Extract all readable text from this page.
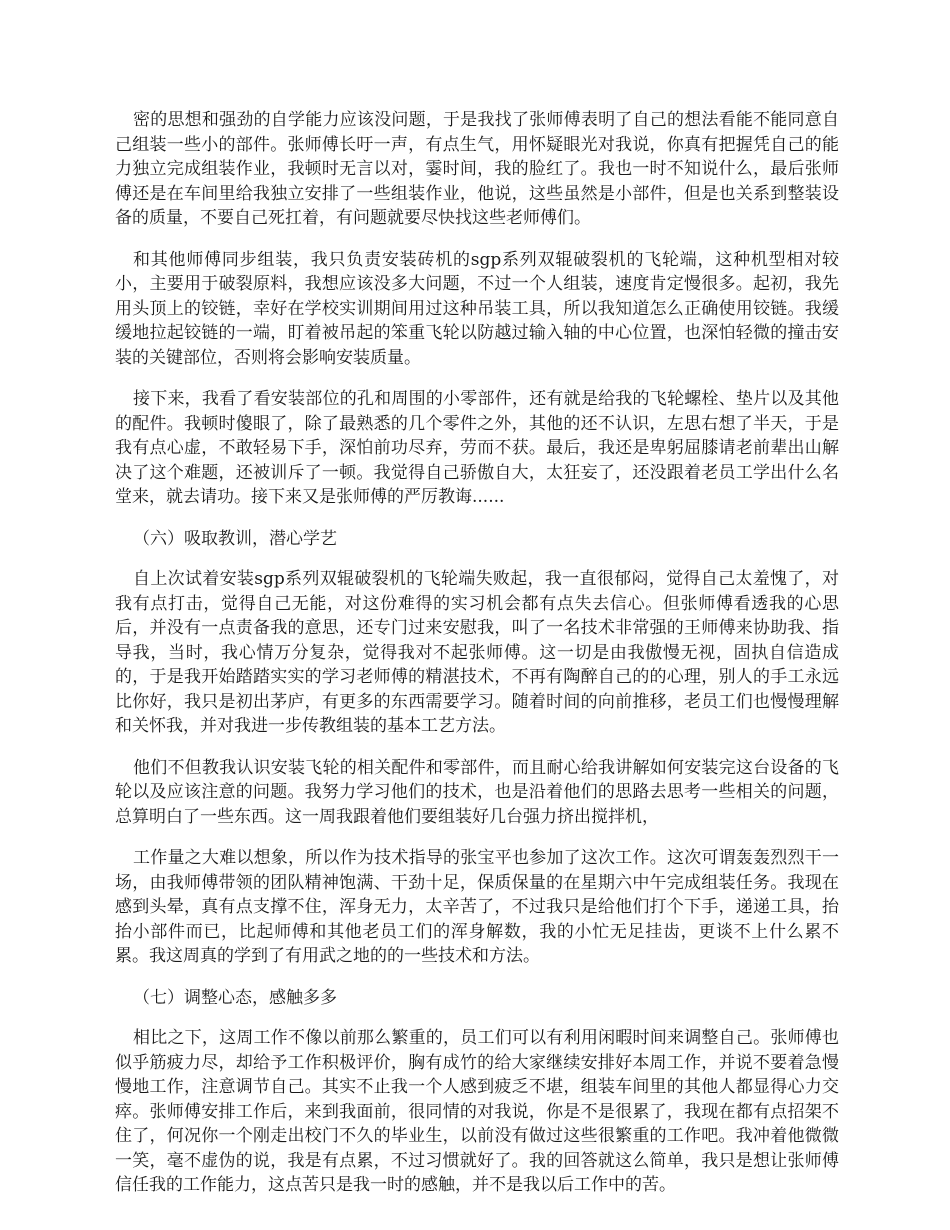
密的思想和强劲的自学能力应该没问题，于是我找了张师傅表明了自己的想法看能不能同意自己组装一些小的部件。张师傅长吁一声，有点生气，用怀疑眼光对我说，你真有把握凭自己的能力独立完成组装作业，我顿时无言以对，霎时间，我的脸红了。我也一时不知说什么，最后张师傅还是在车间里给我独立安排了一些组装作业，他说，这些虽然是小部件，但是也关系到整装设备的质量，不要自己死扛着，有问题就要尽快找这些老师傅们。

和其他师傅同步组装，我只负责安装砖机的sgp系列双辊破裂机的飞轮端，这种机型相对较小，主要用于破裂原料，我想应该没多大问题，不过一个人组装，速度肯定慢很多。起初，我先用头顶上的铰链，幸好在学校实训期间用过这种吊装工具，所以我知道怎么正确使用铰链。我缓缓地拉起铰链的一端，盯着被吊起的笨重飞轮以防越过输入轴的中心位置，也深怕轻微的撞击安装的关键部位，否则将会影响安装质量。

接下来，我看了看安装部位的孔和周围的小零部件，还有就是给我的飞轮螺栓、垫片以及其他的配件。我顿时傻眼了，除了最熟悉的几个零件之外，其他的还不认识，左思右想了半天，于是我有点心虚，不敢轻易下手，深怕前功尽弃，劳而不获。最后，我还是卑躬屈膝请老前辈出山解决了这个难题，还被训斥了一顿。我觉得自己骄傲自大，太狂妄了，还没跟着老员工学出什么名堂来，就去请功。接下来又是张师傅的严厉教诲......

（六）吸取教训，潜心学艺

自上次试着安装sgp系列双辊破裂机的飞轮端失败起，我一直很郁闷，觉得自己太羞愧了，对我有点打击，觉得自己无能，对这份难得的实习机会都有点失去信心。但张师傅看透我的心思后，并没有一点责备我的意思，还专门过来安慰我，叫了一名技术非常强的王师傅来协助我、指导我，当时，我心情万分复杂，觉得我对不起张师傅。这一切是由我傲慢无视，固执自信造成的，于是我开始踏踏实实的学习老师傅的精湛技术，不再有陶醉自己的的心理，别人的手工永远比你好，我只是初出茅庐，有更多的东西需要学习。随着时间的向前推移，老员工们也慢慢理解和关怀我，并对我进一步传教组装的基本工艺方法。

他们不但教我认识安装飞轮的相关配件和零部件，而且耐心给我讲解如何安装完这台设备的飞轮以及应该注意的问题。我努力学习他们的技术，也是沿着他们的思路去思考一些相关的问题，总算明白了一些东西。这一周我跟着他们要组装好几台强力挤出搅拌机，

工作量之大难以想象，所以作为技术指导的张宝平也参加了这次工作。这次可谓轰轰烈烈干一场，由我师傅带领的团队精神饱满、干劲十足，保质保量的在星期六中午完成组装任务。我现在感到头晕，真有点支撑不住，浑身无力，太辛苦了，不过我只是给他们打个下手，递递工具，抬抬小部件而已，比起师傅和其他老员工们的浑身解数，我的小忙无足挂齿，更谈不上什么累不累。我这周真的学到了有用武之地的的一些技术和方法。

（七）调整心态，感触多多

相比之下，这周工作不像以前那么繁重的，员工们可以有利用闲暇时间来调整自己。张师傅也似乎筋疲力尽，却给予工作积极评价，胸有成竹的给大家继续安排好本周工作，并说不要着急慢慢地工作，注意调节自己。其实不止我一个人感到疲乏不堪，组装车间里的其他人都显得心力交瘁。张师傅安排工作后，来到我面前，很同情的对我说，你是不是很累了，我现在都有点招架不住了，何况你一个刚走出校门不久的毕业生，以前没有做过这些很繁重的工作吧。我冲着他微微一笑，毫不虚伪的说，我是有点累，不过习惯就好了。我的回答就这么简单，我只是想让张师傅信任我的工作能力，这点苦只是我一时的感触，并不是我以后工作中的苦。
